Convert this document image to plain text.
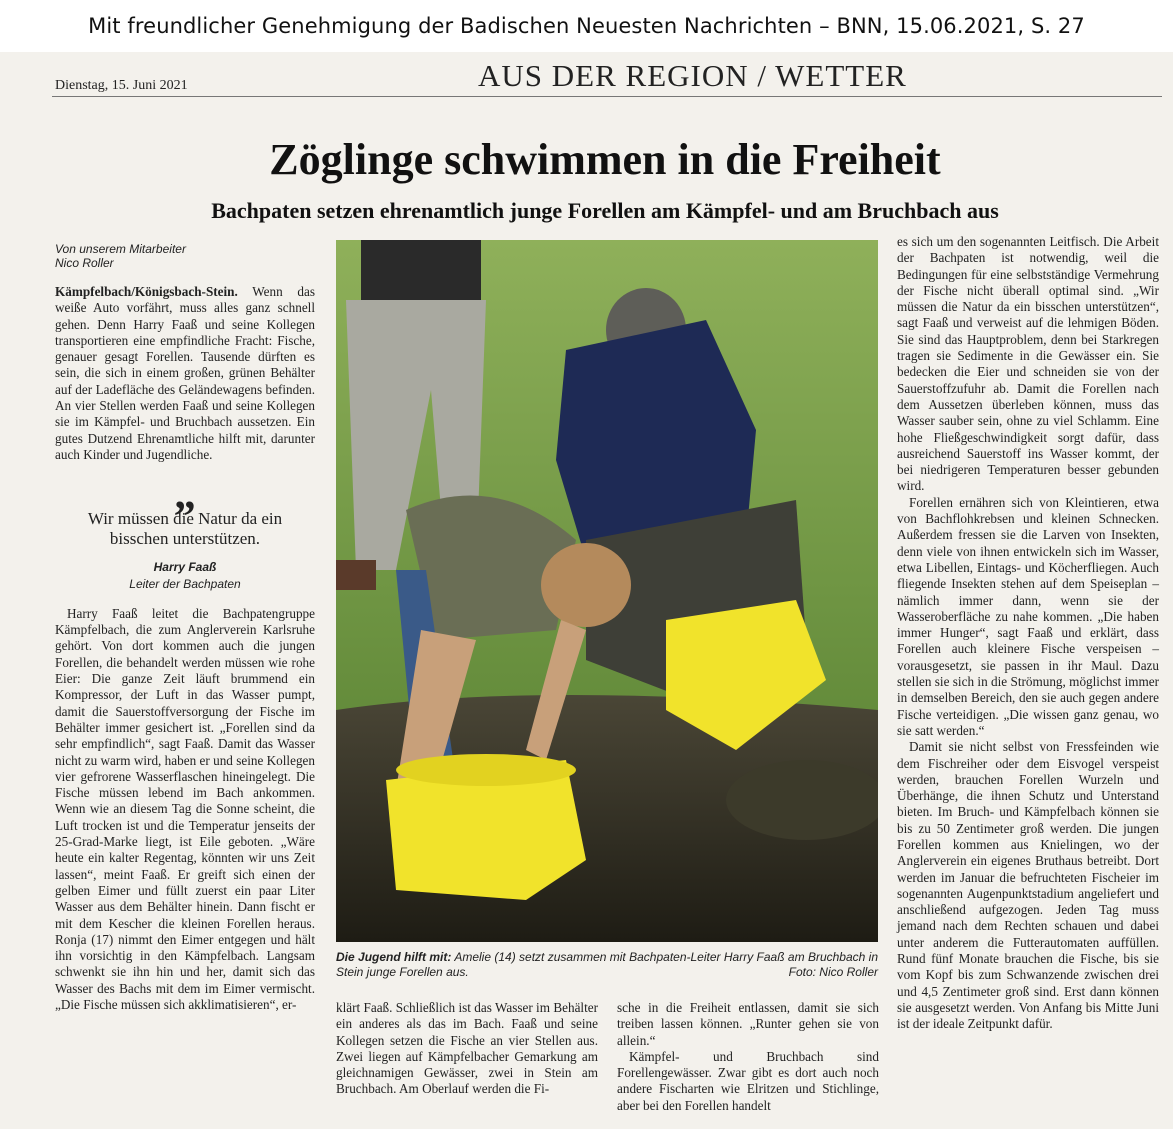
Mit freundlicher Genehmigung der Badischen Neuesten Nachrichten – BNN, 15.06.2021, S. 27
Dienstag, 15. Juni 2021	AUS DER REGION / WETTER
Zöglinge schwimmen in die Freiheit
Bachpaten setzen ehrenamtlich junge Forellen am Kämpfel- und am Bruchbach aus
Von unserem Mitarbeiter
Nico Roller

Kämpfelbach/Königsbach-Stein. Wenn das weiße Auto vorfährt, muss alles ganz schnell gehen. Denn Harry Faaß und seine Kollegen transportieren eine empfindliche Fracht: Fische, genauer gesagt Forellen. Tausende dürften es sein, die sich in einem großen, grünen Behälter auf der Ladefläche des Geländewagens befinden. An vier Stellen werden Faaß und seine Kollegen sie im Kämpfel- und Bruchbach aussetzen. Ein gutes Dutzend Ehrenamtliche hilft mit, darunter auch Kinder und Jugendliche.

„
Wir müssen die Natur da ein bisschen unterstützen.
Harry Faaß
Leiter der Bachpaten

Harry Faaß leitet die Bachpatengruppe Kämpfelbach, die zum Anglerverein Karlsruhe gehört. Von dort kommen auch die jungen Forellen, die behandelt werden müssen wie rohe Eier: Die ganze Zeit läuft brummend ein Kompressor, der Luft in das Wasser pumpt, damit die Sauerstoffversorgung der Fische im Behälter immer gesichert ist. „Forellen sind da sehr empfindlich“, sagt Faaß. Damit das Wasser nicht zu warm wird, haben er und seine Kollegen vier gefrorene Wasserflaschen hineingelegt. Die Fische müssen lebend im Bach ankommen. Wenn wie an diesem Tag die Sonne scheint, die Luft trocken ist und die Temperatur jenseits der 25-Grad-Marke liegt, ist Eile geboten. „Wäre heute ein kalter Regentag, könnten wir uns Zeit lassen“, meint Faaß. Er greift sich einen der gelben Eimer und füllt zuerst ein paar Liter Wasser aus dem Behälter hinein. Dann fischt er mit dem Kescher die kleinen Forellen heraus. Ronja (17) nimmt den Eimer entgegen und hält ihn vorsichtig in den Kämpfelbach. Langsam schwenkt sie ihn hin und her, damit sich das Wasser des Bachs mit dem im Eimer vermischt. „Die Fische müssen sich akklimatisieren“, er-

Die Jugend hilft mit: Amelie (14) setzt zusammen mit Bachpaten-Leiter Harry Faaß am Bruchbach in Stein junge Forellen aus.	Foto: Nico Roller

klärt Faaß. Schließlich ist das Wasser im Behälter ein anderes als das im Bach. Faaß und seine Kollegen setzen die Fische an vier Stellen aus. Zwei liegen auf Kämpfelbacher Gemarkung am gleichnamigen Gewässer, zwei in Stein am Bruchbach. Am Oberlauf werden die Fi-

sche in die Freiheit entlassen, damit sie sich treiben lassen können. „Runter gehen sie von allein.“

Kämpfel- und Bruchbach sind Forellengewässer. Zwar gibt es dort auch noch andere Fischarten wie Elritzen und Stichlinge, aber bei den Forellen handelt

es sich um den sogenannten Leitfisch. Die Arbeit der Bachpaten ist notwendig, weil die Bedingungen für eine selbstständige Vermehrung der Fische nicht überall optimal sind. „Wir müssen die Natur da ein bisschen unterstützen“, sagt Faaß und verweist auf die lehmigen Böden. Sie sind das Hauptproblem, denn bei Starkregen tragen sie Sedimente in die Gewässer ein. Sie bedecken die Eier und schneiden sie von der Sauerstoffzufuhr ab. Damit die Forellen nach dem Aussetzen überleben können, muss das Wasser sauber sein, ohne zu viel Schlamm. Eine hohe Fließgeschwindigkeit sorgt dafür, dass ausreichend Sauerstoff ins Wasser kommt, der bei niedrigeren Temperaturen besser gebunden wird.

Forellen ernähren sich von Kleintieren, etwa von Bachflohkrebsen und kleinen Schnecken. Außerdem fressen sie die Larven von Insekten, denn viele von ihnen entwickeln sich im Wasser, etwa Libellen, Eintags- und Köcherfliegen. Auch fliegende Insekten stehen auf dem Speiseplan – nämlich immer dann, wenn sie der Wasseroberfläche zu nahe kommen. „Die haben immer Hunger“, sagt Faaß und erklärt, dass Forellen auch kleinere Fische verspeisen – vorausgesetzt, sie passen in ihr Maul. Dazu stellen sie sich in die Strömung, möglichst immer in demselben Bereich, den sie auch gegen andere Fische verteidigen. „Die wissen ganz genau, wo sie satt werden.“

Damit sie nicht selbst von Fressfeinden wie dem Fischreiher oder dem Eisvogel verspeist werden, brauchen Forellen Wurzeln und Überhänge, die ihnen Schutz und Unterstand bieten. Im Bruch- und Kämpfelbach können sie bis zu 50 Zentimeter groß werden. Die jungen Forellen kommen aus Knielingen, wo der Anglerverein ein eigenes Bruthaus betreibt. Dort werden im Januar die befruchteten Fischeier im sogenannten Augenpunktstadium angeliefert und anschließend aufgezogen. Jeden Tag muss jemand nach dem Rechten schauen und dabei unter anderem die Futterautomaten auffüllen. Rund fünf Monate brauchen die Fische, bis sie vom Kopf bis zum Schwanzende zwischen drei und 4,5 Zentimeter groß sind. Erst dann können sie ausgesetzt werden. Von Anfang bis Mitte Juni ist der ideale Zeitpunkt dafür.
